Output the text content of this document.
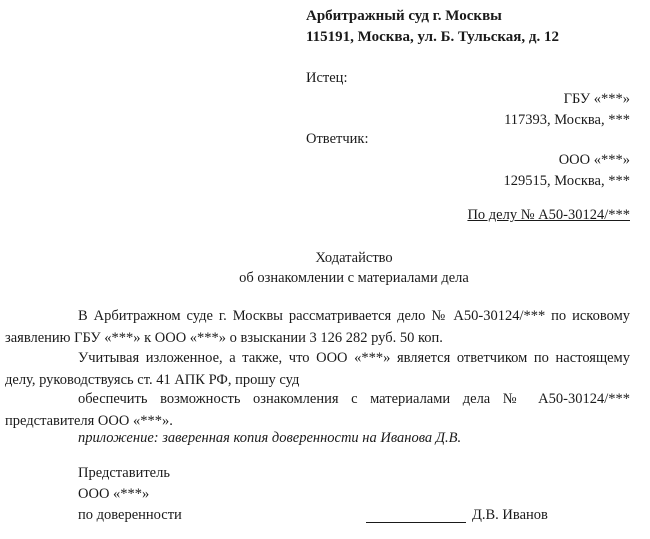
Арбитражный суд г. Москвы
115191, Москва, ул. Б. Тульская, д. 12
Истец:
ГБУ «***»
117393, Москва, ***
Ответчик:
ООО «***»
129515, Москва, ***
По делу № А50-30124/***
Ходатайство
об ознакомлении с материалами дела
В Арбитражном суде г. Москвы рассматривается дело № А50-30124/*** по исковому заявлению ГБУ «***» к ООО «***» о взыскании 3 126 282 руб. 50 коп.
Учитывая изложенное, а также, что ООО «***» является ответчиком по настоящему делу, руководствуясь ст. 41 АПК РФ, прошу суд
обеспечить возможность ознакомления с материалами дела № А50-30124/*** представителя ООО «***».
приложение: заверенная копия доверенности на Иванова Д.В.
Представитель
ООО «***»
по доверенности	Д.В. Иванов
